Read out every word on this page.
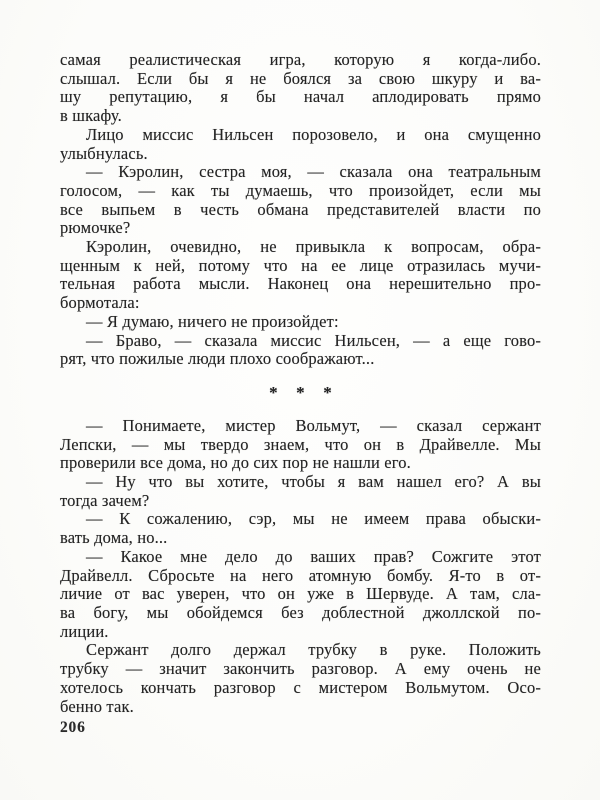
самая реалистическая игра, которую я когда-либо.
слышал. Если бы я не боялся за свою шкуру и ва-
шу репутацию, я бы начал аплодировать прямо
в шкафу.
Лицо миссис Нильсен порозовело, и она смущенно
улыбнулась.
— Кэролин, сестра моя, — сказала она театральным
голосом, — как ты думаешь, что произойдет, если мы
все выпьем в честь обмана представителей власти по
рюмочке?
Кэролин, очевидно, не привыкла к вопросам, обра-
щенным к ней, потому что на ее лице отразилась мучи-
тельная работа мысли. Наконец она нерешительно про-
бормотала:
— Я думаю, ничего не произойдет:
— Браво, — сказала миссис Нильсен, — а еще гово-
рят, что пожилые люди плохо соображают...
* * *
— Понимаете, мистер Вольмут, — сказал сержант
Лепски, — мы твердо знаем, что он в Драйвелле. Мы
проверили все дома, но до сих пор не нашли его.
— Ну что вы хотите, чтобы я вам нашел его? А вы
тогда зачем?
— К сожалению, сэр, мы не имеем права обыски-
вать дома, но...
— Какое мне дело до ваших прав? Сожгите этот
Драйвелл. Сбросьте на него атомную бомбу. Я-то в от-
личие от вас уверен, что он уже в Шервуде. А там, сла-
ва богу, мы обойдемся без доблестной джоллской по-
лиции.
Сержант долго держал трубку в руке. Положить
трубку — значит закончить разговор. А ему очень не
хотелось кончать разговор с мистером Вольмутом. Осо-
бенно так.
206
